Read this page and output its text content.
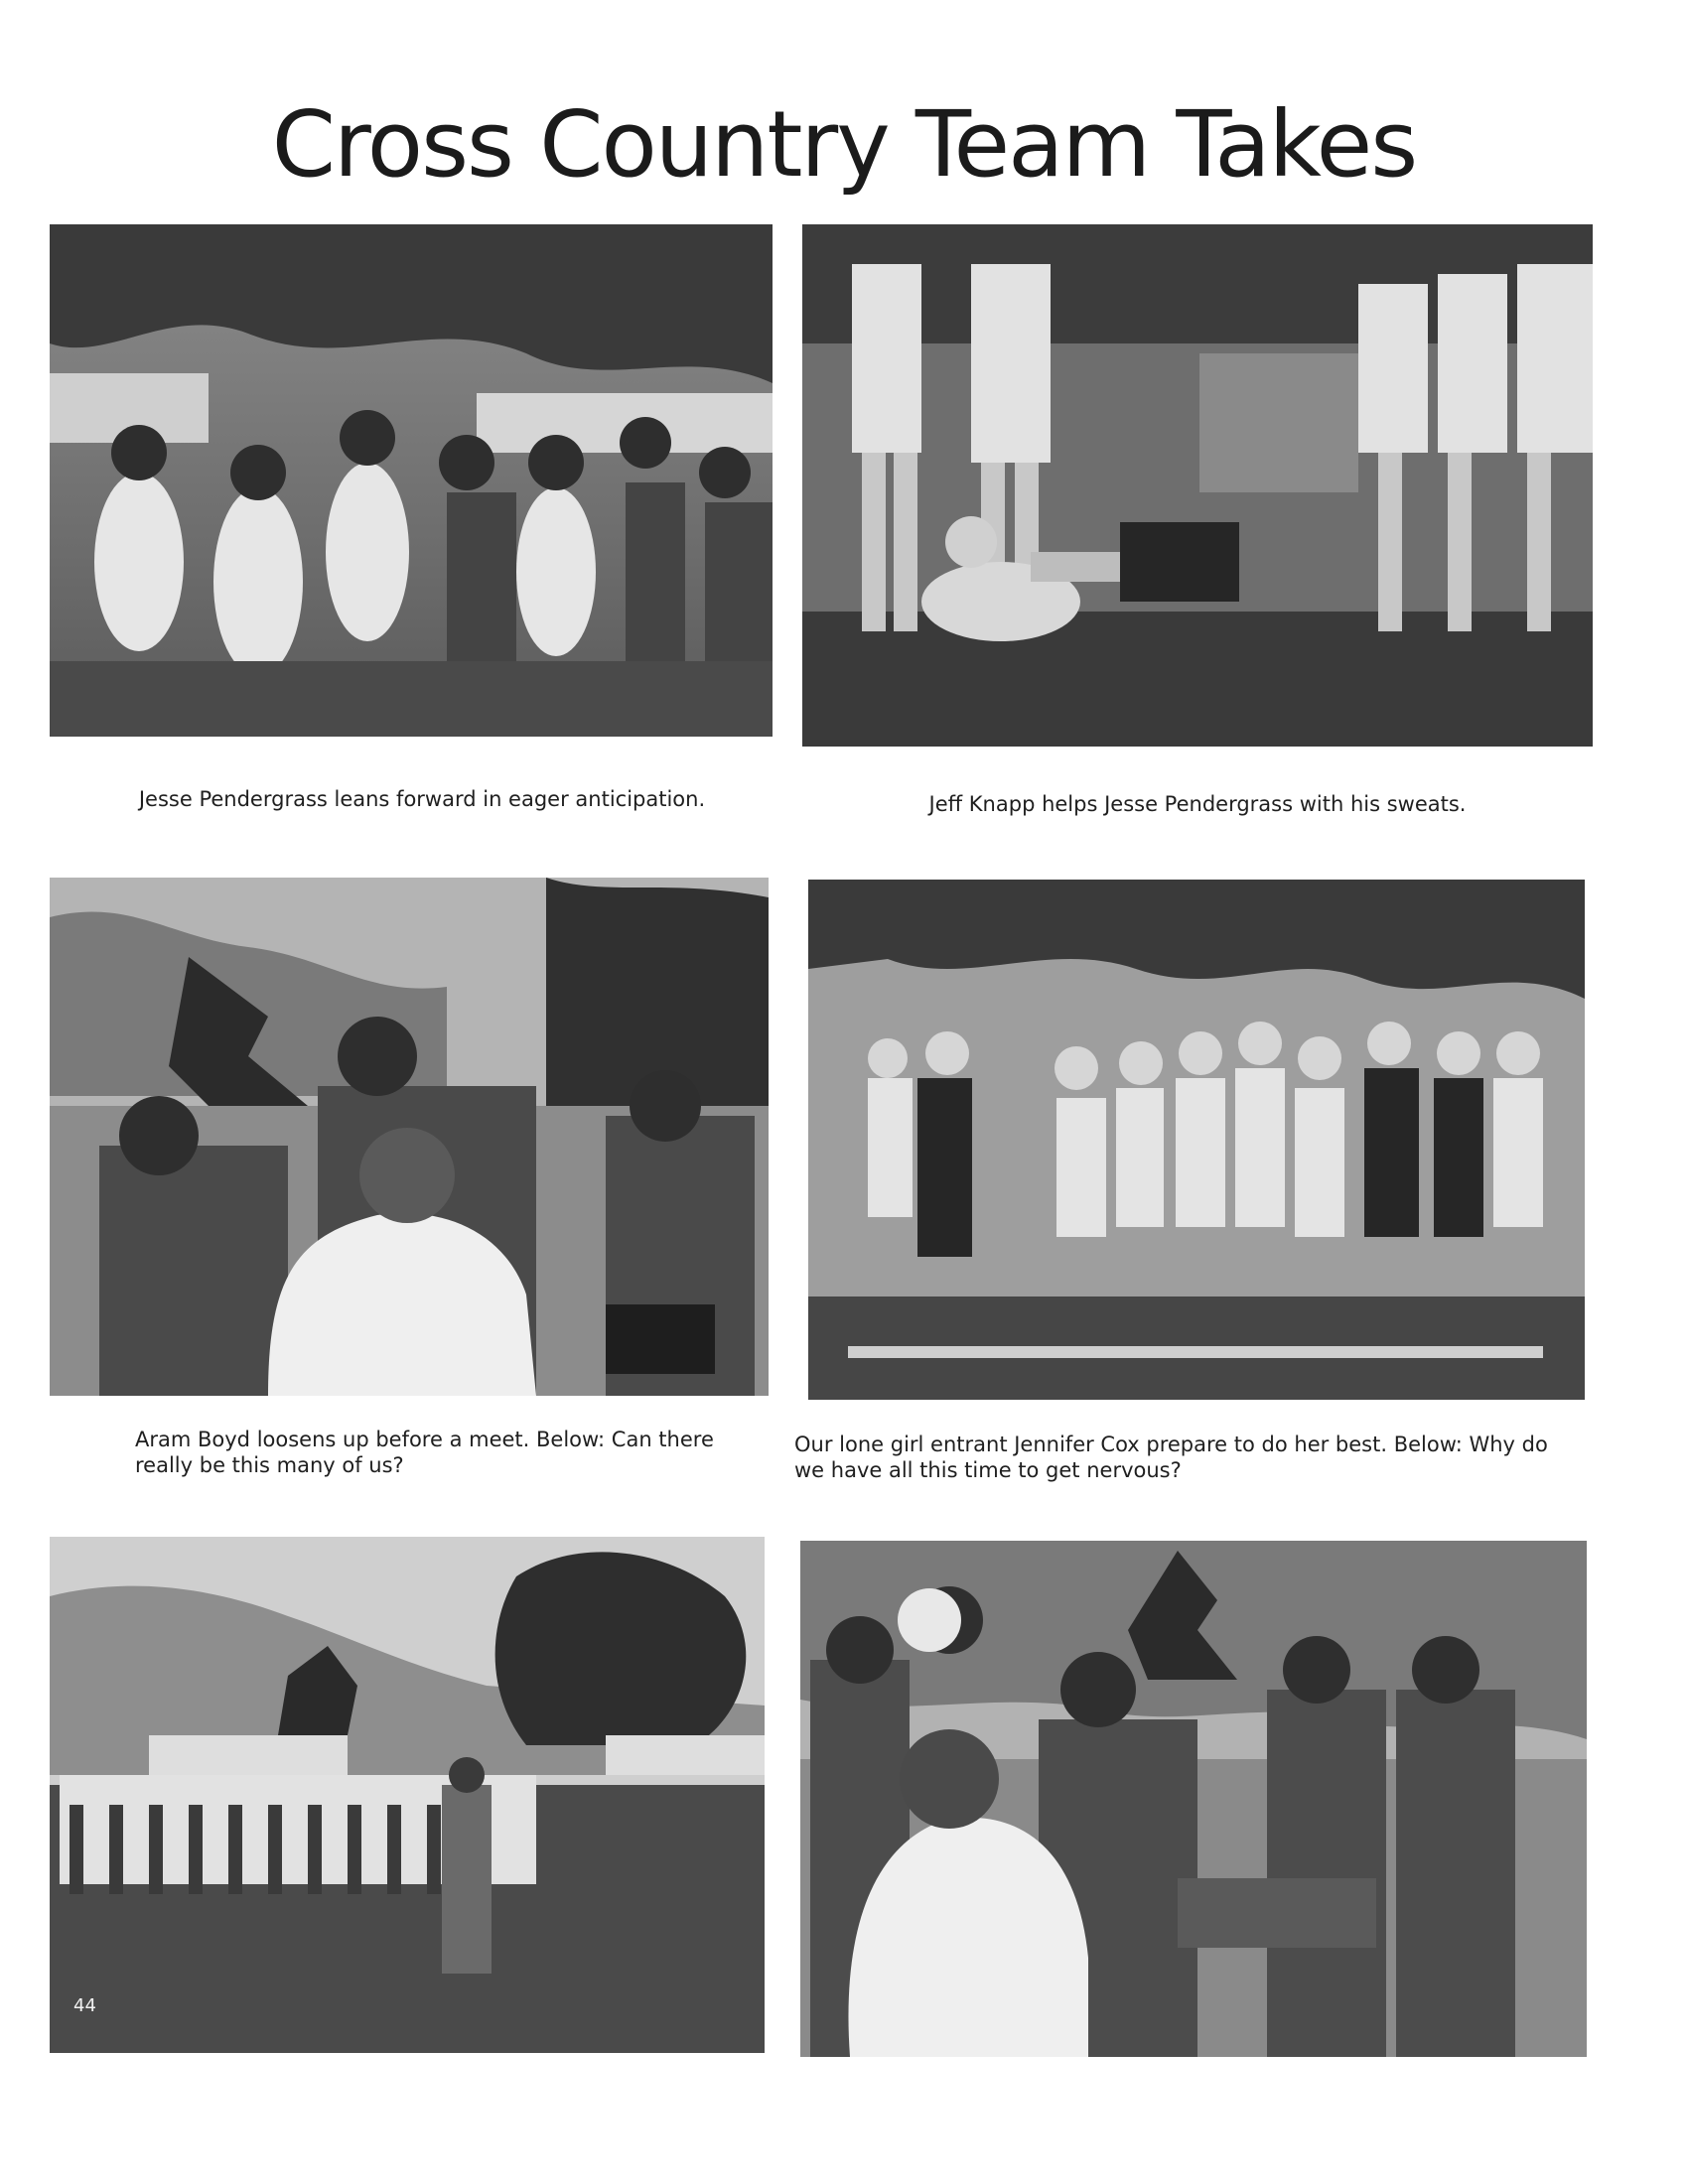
Cross Country Team Takes
Jesse Pendergrass leans forward in eager anticipation.	Jeff Knapp helps Jesse Pendergrass with his sweats.
Aram Boyd loosens up before a meet. Below: Can there really be this many of us?
Our lone girl entrant Jennifer Cox prepare to do her best. Below: Why do we have all this time to get nervous?
44
